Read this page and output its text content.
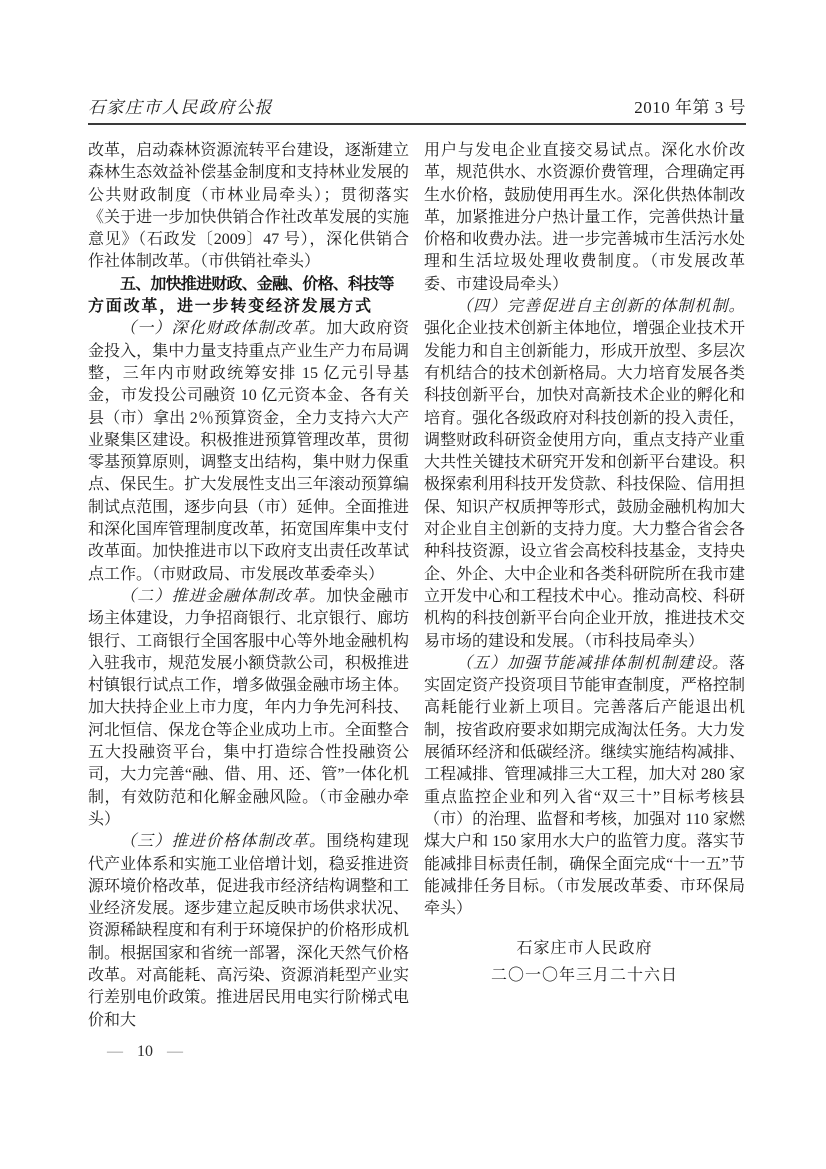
石家庄市人民政府公报	2010 年第 3 号

改革，启动森林资源流转平台建设，逐渐建立森林生态效益补偿基金制度和支持林业发展的公共财政制度（市林业局牵头）；贯彻落实《关于进一步加快供销合作社改革发展的实施意见》（石政发〔2009〕47 号），深化供销合作社体制改革。（市供销社牵头）

五、加快推进财政、金融、价格、科技等
方面改革，进一步转变经济发展方式

（一）深化财政体制改革。加大政府资金投入，集中力量支持重点产业生产力布局调整，三年内市财政统筹安排 15 亿元引导基金，市发投公司融资 10 亿元资本金、各有关县（市）拿出 2％预算资金，全力支持六大产业聚集区建设。积极推进预算管理改革，贯彻零基预算原则，调整支出结构，集中财力保重点、保民生。扩大发展性支出三年滚动预算编制试点范围，逐步向县（市）延伸。全面推进和深化国库管理制度改革，拓宽国库集中支付改革面。加快推进市以下政府支出责任改革试点工作。（市财政局、市发展改革委牵头）

（二）推进金融体制改革。加快金融市场主体建设，力争招商银行、北京银行、廊坊银行、工商银行全国客服中心等外地金融机构入驻我市，规范发展小额贷款公司，积极推进村镇银行试点工作，增多做强金融市场主体。加大扶持企业上市力度，年内力争先河科技、河北恒信、保龙仓等企业成功上市。全面整合五大投融资平台，集中打造综合性投融资公司，大力完善“融、借、用、还、管”一体化机制，有效防范和化解金融风险。（市金融办牵头）

（三）推进价格体制改革。围绕构建现代产业体系和实施工业倍增计划，稳妥推进资源环境价格改革，促进我市经济结构调整和工业经济发展。逐步建立起反映市场供求状况、资源稀缺程度和有利于环境保护的价格形成机制。根据国家和省统一部署，深化天然气价格改革。对高能耗、高污染、资源消耗型产业实行差别电价政策。推进居民用电实行阶梯式电价和大

用户与发电企业直接交易试点。深化水价改革，规范供水、水资源价费管理，合理确定再生水价格，鼓励使用再生水。深化供热体制改革，加紧推进分户热计量工作，完善供热计量价格和收费办法。进一步完善城市生活污水处理和生活垃圾处理收费制度。（市发展改革委、市建设局牵头）

（四）完善促进自主创新的体制机制。强化企业技术创新主体地位，增强企业技术开发能力和自主创新能力，形成开放型、多层次有机结合的技术创新格局。大力培育发展各类科技创新平台，加快对高新技术企业的孵化和培育。强化各级政府对科技创新的投入责任，调整财政科研资金使用方向，重点支持产业重大共性关键技术研究开发和创新平台建设。积极探索利用科技开发贷款、科技保险、信用担保、知识产权质押等形式，鼓励金融机构加大对企业自主创新的支持力度。大力整合省会各种科技资源，设立省会高校科技基金，支持央企、外企、大中企业和各类科研院所在我市建立开发中心和工程技术中心。推动高校、科研机构的科技创新平台向企业开放，推进技术交易市场的建设和发展。（市科技局牵头）

（五）加强节能减排体制机制建设。落实固定资产投资项目节能审查制度，严格控制高耗能行业新上项目。完善落后产能退出机制，按省政府要求如期完成淘汰任务。大力发展循环经济和低碳经济。继续实施结构减排、工程减排、管理减排三大工程，加大对 280 家重点监控企业和列入省“双三十”目标考核县（市）的治理、监督和考核，加强对 110 家燃煤大户和 150 家用水大户的监管力度。落实节能减排目标责任制，确保全面完成“十一五”节能减排任务目标。（市发展改革委、市环保局牵头）

石家庄市人民政府
二〇一〇年三月二十六日
— 10 —
